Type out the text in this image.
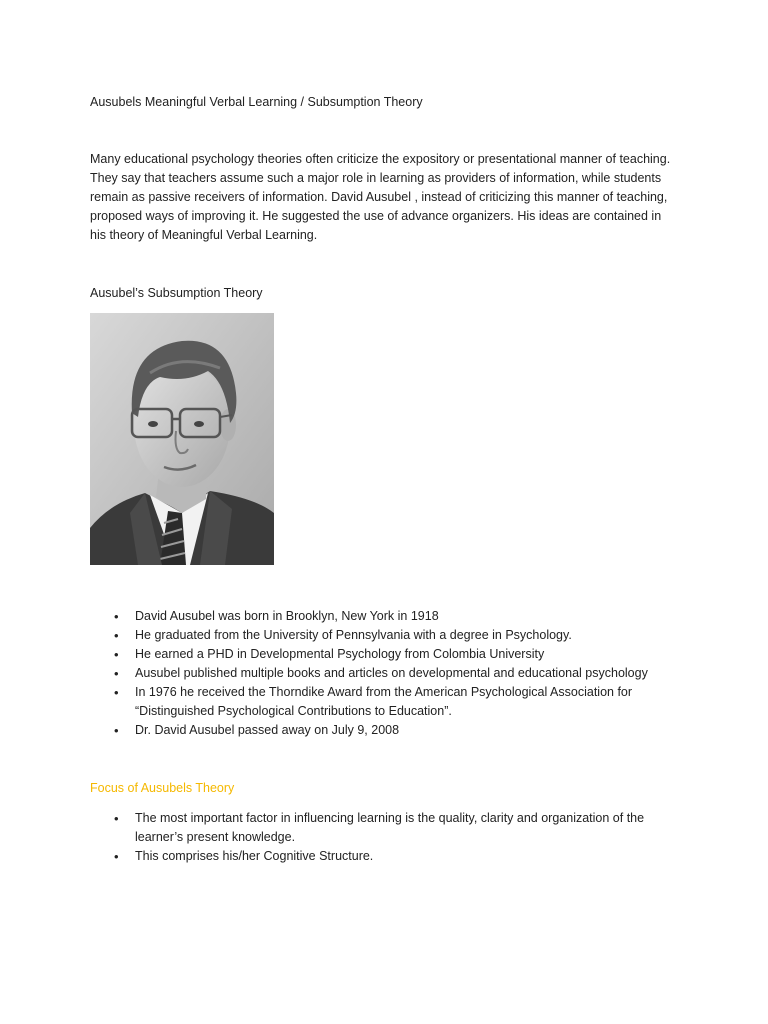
Ausubels Meaningful Verbal Learning / Subsumption Theory

Many educational psychology theories often criticize the expository or presentational manner of teaching. They say that teachers assume such a major role in learning as providers of information, while students remain as passive receivers of information. David Ausubel , instead of criticizing this manner of teaching, proposed ways of improving it. He suggested the use of advance organizers. His ideas are contained in his theory of Meaningful Verbal Learning.

Ausubel’s Subsumption Theory
• David Ausubel was born in Brooklyn, New York in 1918
• He graduated from the University of Pennsylvania with a degree in Psychology.
• He earned a PHD in Developmental Psychology from Colombia University
• Ausubel published multiple books and articles on developmental and educational psychology
• In 1976 he received the Thorndike Award from the American Psychological Association for “Distinguished Psychological Contributions to Education”.
• Dr. David Ausubel passed away on July 9, 2008
Focus of Ausubels Theory
• The most important factor in influencing learning is the quality, clarity and organization of the learner’s present knowledge.
• This comprises his/her Cognitive Structure.
